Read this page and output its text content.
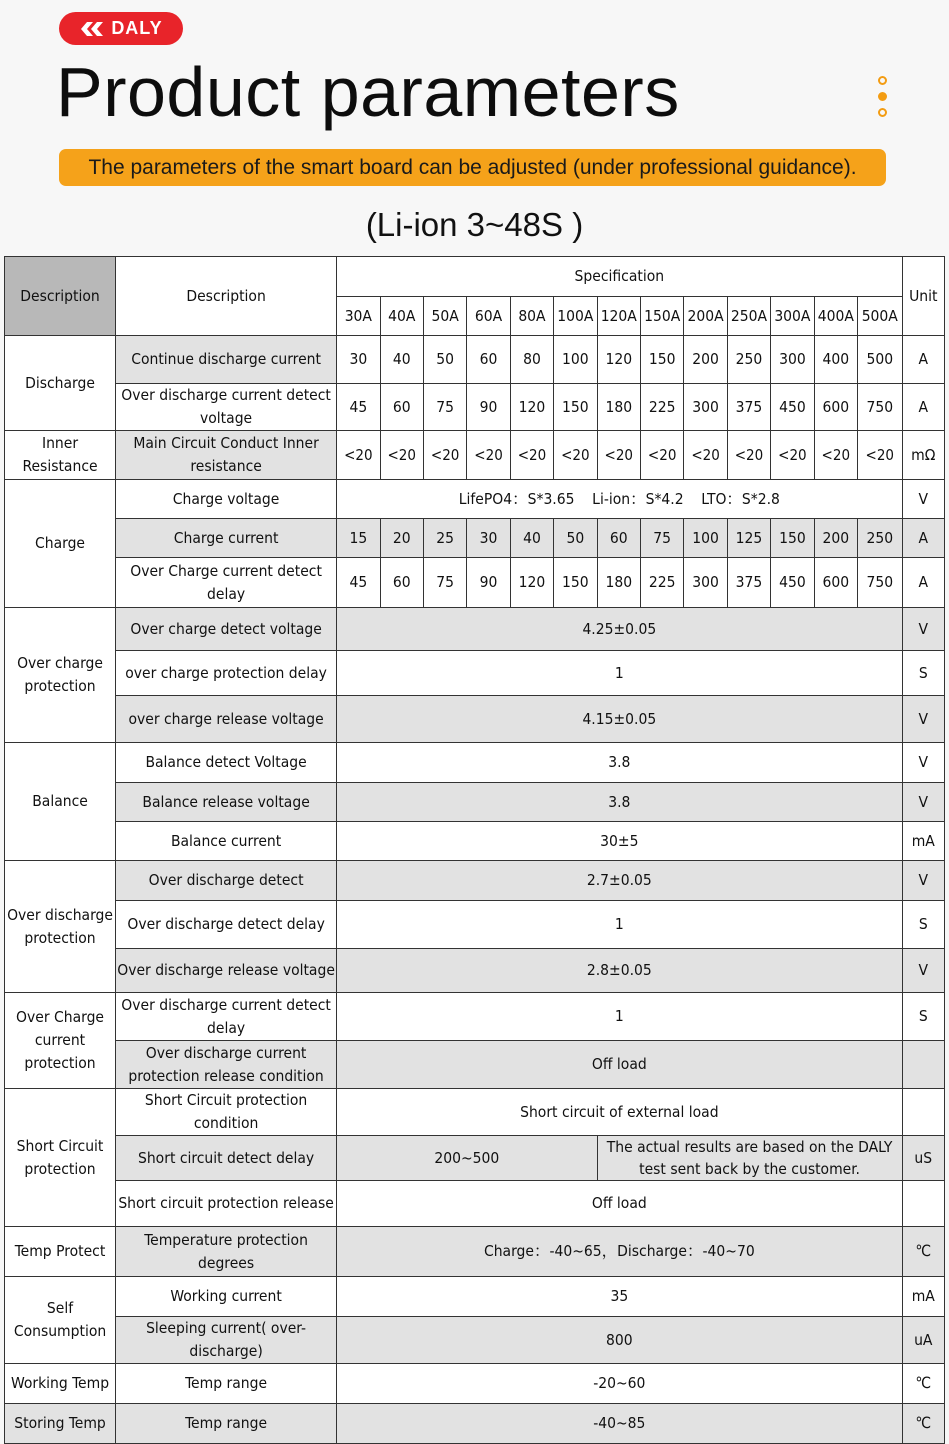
DALY
Product parameters
The parameters of the smart board can be adjusted (under professional guidance).
(Li-ion 3~48S )
Description	Description	Specification													Unit
		30A	40A	50A	60A	80A	100A	120A	150A	200A	250A	300A	400A	500A	
Discharge	Continue discharge current	30	40	50	60	80	100	120	150	200	250	300	400	500	A
	Over discharge current detect voltage	45	60	75	90	120	150	180	225	300	375	450	600	750	A
Inner Resistance	Main Circuit Conduct Inner resistance	<20	<20	<20	<20	<20	<20	<20	<20	<20	<20	<20	<20	<20	mΩ
Charge	Charge voltage	LifePO4：S*3.65    Li-ion：S*4.2    LTO：S*2.8													V
	Charge current	15	20	25	30	40	50	60	75	100	125	150	200	250	A
	Over Charge current detect delay	45	60	75	90	120	150	180	225	300	375	450	600	750	A
Over charge protection	Over charge detect voltage	4.25±0.05													V
	over charge protection delay	1													S
	over charge release voltage	4.15±0.05													V
Balance	Balance detect Voltage	3.8													V
	Balance release voltage	3.8													V
	Balance current	30±5													mA
Over discharge protection	Over discharge detect	2.7±0.05													V
	Over discharge detect delay	1													S
	Over discharge release voltage	2.8±0.05													V
Over Charge current protection	Over discharge current detect delay	1													S
	Over discharge current protection release condition	Off load													
Short Circuit protection	Short Circuit protection condition	Short circuit of external load													
	Short circuit detect delay	200~500						The actual results are based on the DALY test sent back by the customer.							uS
	Short circuit protection release	Off load													
Temp Protect	Temperature protection degrees	Charge：-40~65，Discharge：-40~70													℃
Self Consumption	Working current	35													mA
	Sleeping current( over-discharge)	800													uA
Working Temp	Temp range	-20~60													℃
Storing Temp	Temp range	-40~85													℃
